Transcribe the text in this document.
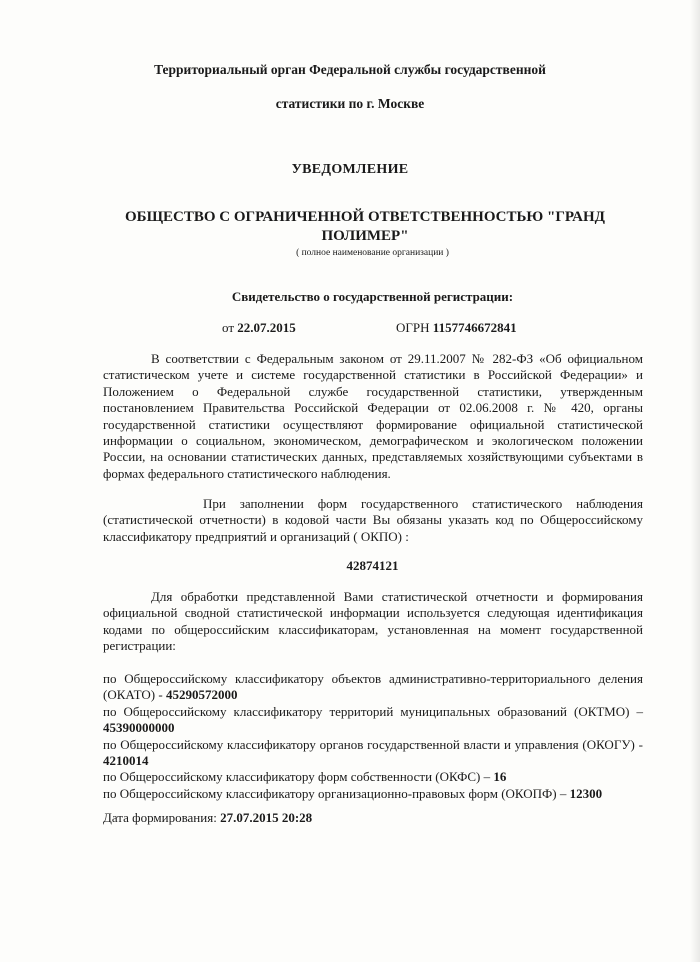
Территориальный орган Федеральной службы государственной
статистики по г. Москве
УВЕДОМЛЕНИЕ
ОБЩЕСТВО С ОГРАНИЧЕННОЙ ОТВЕТСТВЕННОСТЬЮ "ГРАНД ПОЛИМЕР"
( полное наименование организации )
Свидетельство о государственной регистрации:
от 22.07.2015	ОГРН 1157746672841
В соответствии с Федеральным законом от 29.11.2007 № 282-ФЗ «Об официальном статистическом учете и системе государственной статистики в Российской Федерации» и Положением о Федеральной службе государственной статистики, утвержденным постановлением Правительства Российской Федерации от 02.06.2008 г. № 420, органы государственной статистики осуществляют формирование официальной статистической информации о социальном, экономическом, демографическом и экологическом положении России, на основании статистических данных, представляемых хозяйствующими субъектами в формах федерального статистического наблюдения.
При заполнении форм государственного статистического наблюдения (статистической отчетности) в кодовой части Вы обязаны указать код по Общероссийскому классификатору предприятий и организаций ( ОКПО) :
42874121
Для обработки представленной Вами статистической отчетности и формирования официальной сводной статистической информации используется следующая идентификация кодами по общероссийским классификаторам, установленная на момент государственной регистрации:
по Общероссийскому классификатору объектов административно-территориального деления (ОКАТО) - 45290572000
по Общероссийскому классификатору территорий муниципальных образований (ОКТМО) – 45390000000
по Общероссийскому классификатору органов государственной власти и управления (ОКОГУ) - 4210014
по Общероссийскому классификатору форм собственности (ОКФС) – 16
по Общероссийскому классификатору организационно-правовых форм (ОКОПФ) – 12300
Дата формирования: 27.07.2015 20:28
